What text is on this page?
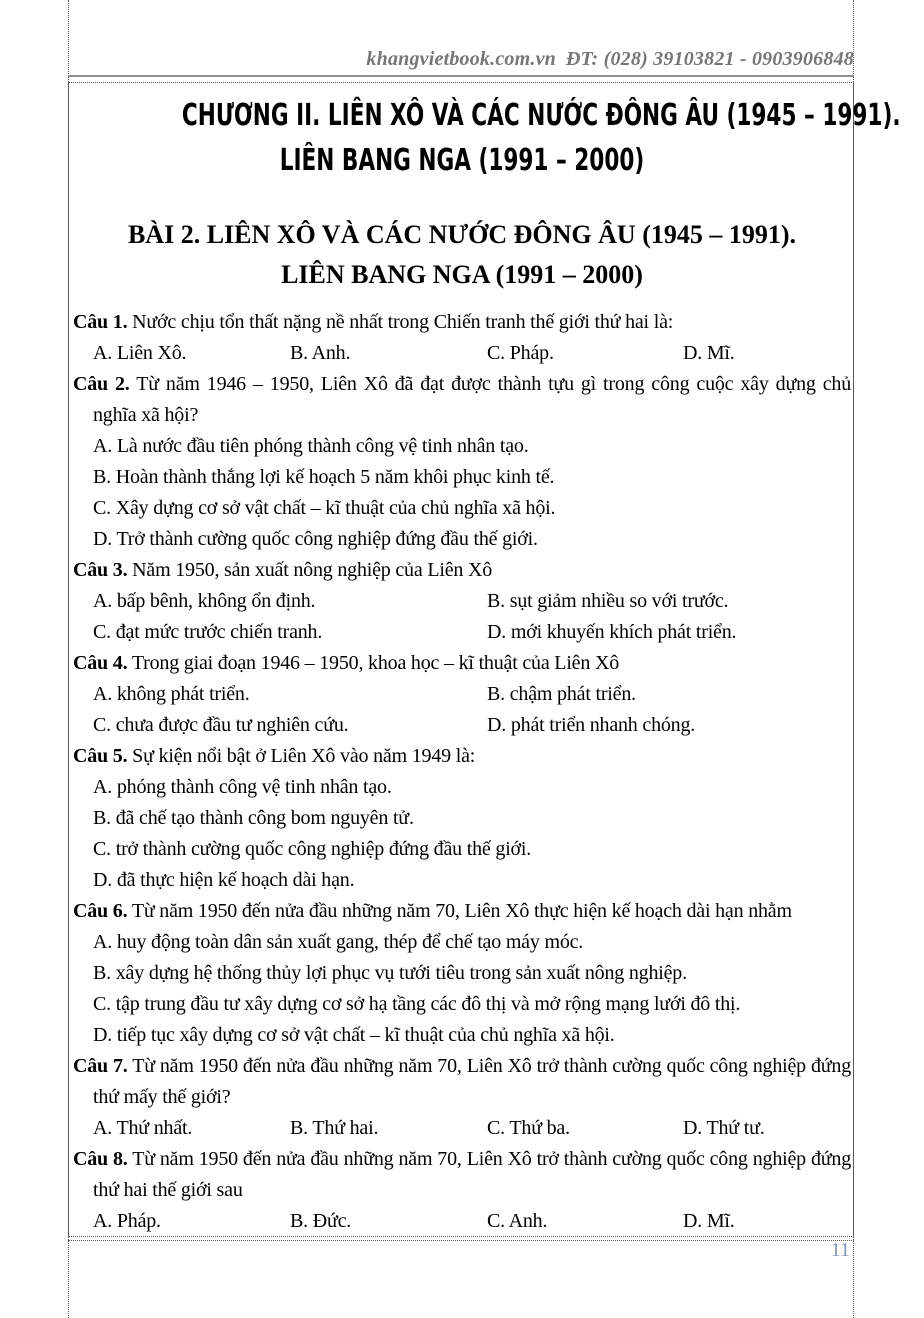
khangvietbook.com.vn ĐT: (028) 39103821 - 0903906848
CHƯƠNG II. LIÊN XÔ VÀ CÁC NƯỚC ĐÔNG ÂU (1945 – 1991).
LIÊN BANG NGA (1991 – 2000)
BÀI 2. LIÊN XÔ VÀ CÁC NƯỚC ĐÔNG ÂU (1945 – 1991).
LIÊN BANG NGA (1991 – 2000)

Câu 1. Nước chịu tổn thất nặng nề nhất trong Chiến tranh thế giới thứ hai là:

A. Liên Xô.	B. Anh.	C. Pháp.	D. Mĩ.

Câu 2. Từ năm 1946 – 1950, Liên Xô đã đạt được thành tựu gì trong công cuộc xây dựng chủ nghĩa xã hội?

A. Là nước đầu tiên phóng thành công vệ tinh nhân tạo.
B. Hoàn thành thắng lợi kế hoạch 5 năm khôi phục kinh tế.
C. Xây dựng cơ sở vật chất – kĩ thuật của chủ nghĩa xã hội.
D. Trở thành cường quốc công nghiệp đứng đầu thế giới.

Câu 3. Năm 1950, sản xuất nông nghiệp của Liên Xô

A. bấp bênh, không ổn định.	B. sụt giảm nhiều so với trước.
C. đạt mức trước chiến tranh.	D. mới khuyến khích phát triển.

Câu 4. Trong giai đoạn 1946 – 1950, khoa học – kĩ thuật của Liên Xô

A. không phát triển.	B. chậm phát triển.
C. chưa được đầu tư nghiên cứu.	D. phát triển nhanh chóng.

Câu 5. Sự kiện nổi bật ở Liên Xô vào năm 1949 là:

A. phóng thành công vệ tinh nhân tạo.
B. đã chế tạo thành công bom nguyên tử.
C. trở thành cường quốc công nghiệp đứng đầu thế giới.
D. đã thực hiện kế hoạch dài hạn.

Câu 6. Từ năm 1950 đến nửa đầu những năm 70, Liên Xô thực hiện kế hoạch dài hạn nhằm

A. huy động toàn dân sản xuất gang, thép để chế tạo máy móc.
B. xây dựng hệ thống thủy lợi phục vụ tưới tiêu trong sản xuất nông nghiệp.
C. tập trung đầu tư xây dựng cơ sở hạ tầng các đô thị và mở rộng mạng lưới đô thị.
D. tiếp tục xây dựng cơ sở vật chất – kĩ thuật của chủ nghĩa xã hội.

Câu 7. Từ năm 1950 đến nửa đầu những năm 70, Liên Xô trở thành cường quốc công nghiệp đứng thứ mấy thế giới?

A. Thứ nhất.	B. Thứ hai.	C. Thứ ba.	D. Thứ tư.

Câu 8. Từ năm 1950 đến nửa đầu những năm 70, Liên Xô trở thành cường quốc công nghiệp đứng thứ hai thế giới sau

A. Pháp.	B. Đức.	C. Anh.	D. Mĩ.
11
